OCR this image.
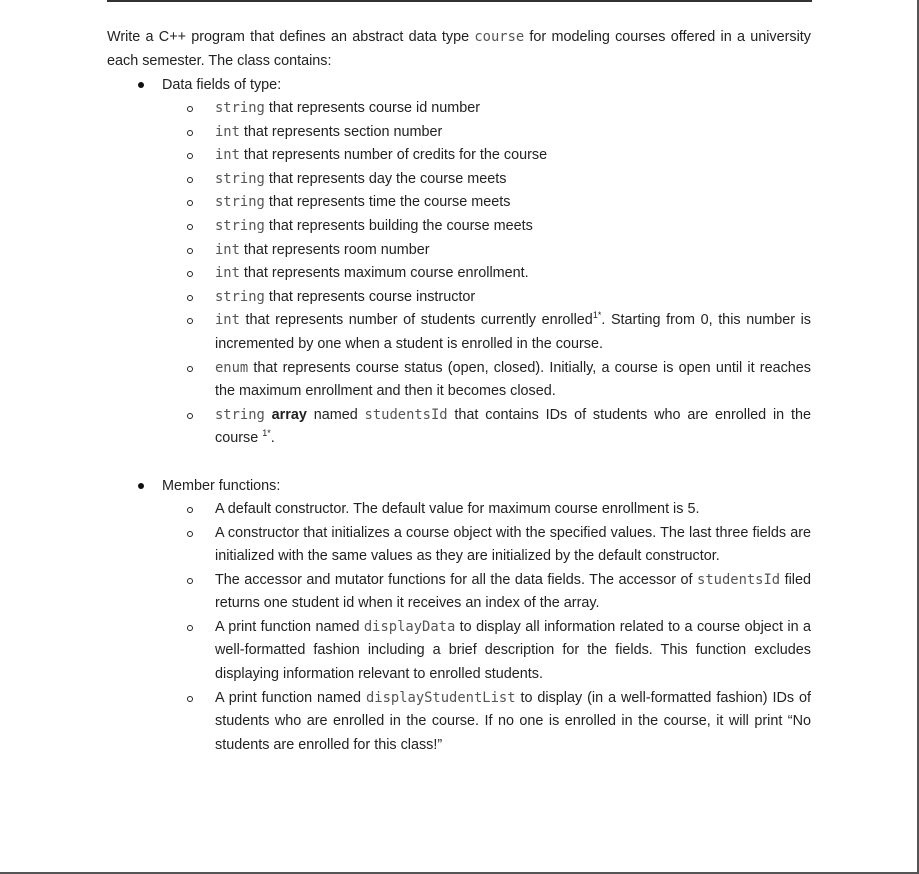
Write a C++ program that defines an abstract data type course for modeling courses offered in a university each semester. The class contains:

Data fields of type:
string that represents course id number
int that represents section number
int that represents number of credits for the course
string that represents day the course meets
string that represents time the course meets
string that represents building the course meets
int that represents room number
int that represents maximum course enrollment.
string that represents course instructor
int that represents number of students currently enrolled$^{1*}$. Starting from 0, this number is incremented by one when a student is enrolled in the course.
enum that represents course status (open, closed). Initially, a course is open until it reaches the maximum enrollment and then it becomes closed.
string array named studentsId that contains IDs of students who are enrolled in the course $^{1*}$.
Member functions:
A default constructor. The default value for maximum course enrollment is 5.
A constructor that initializes a course object with the specified values. The last three fields are initialized with the same values as they are initialized by the default constructor.
The accessor and mutator functions for all the data fields. The accessor of studentsId filed returns one student id when it receives an index of the array.
A print function named displayData to display all information related to a course object in a well-formatted fashion including a brief description for the fields. This function excludes displaying information relevant to enrolled students.
A print function named displayStudentList to display (in a well-formatted fashion) IDs of students who are enrolled in the course. If no one is enrolled in the course, it will print “No students are enrolled for this class!”
